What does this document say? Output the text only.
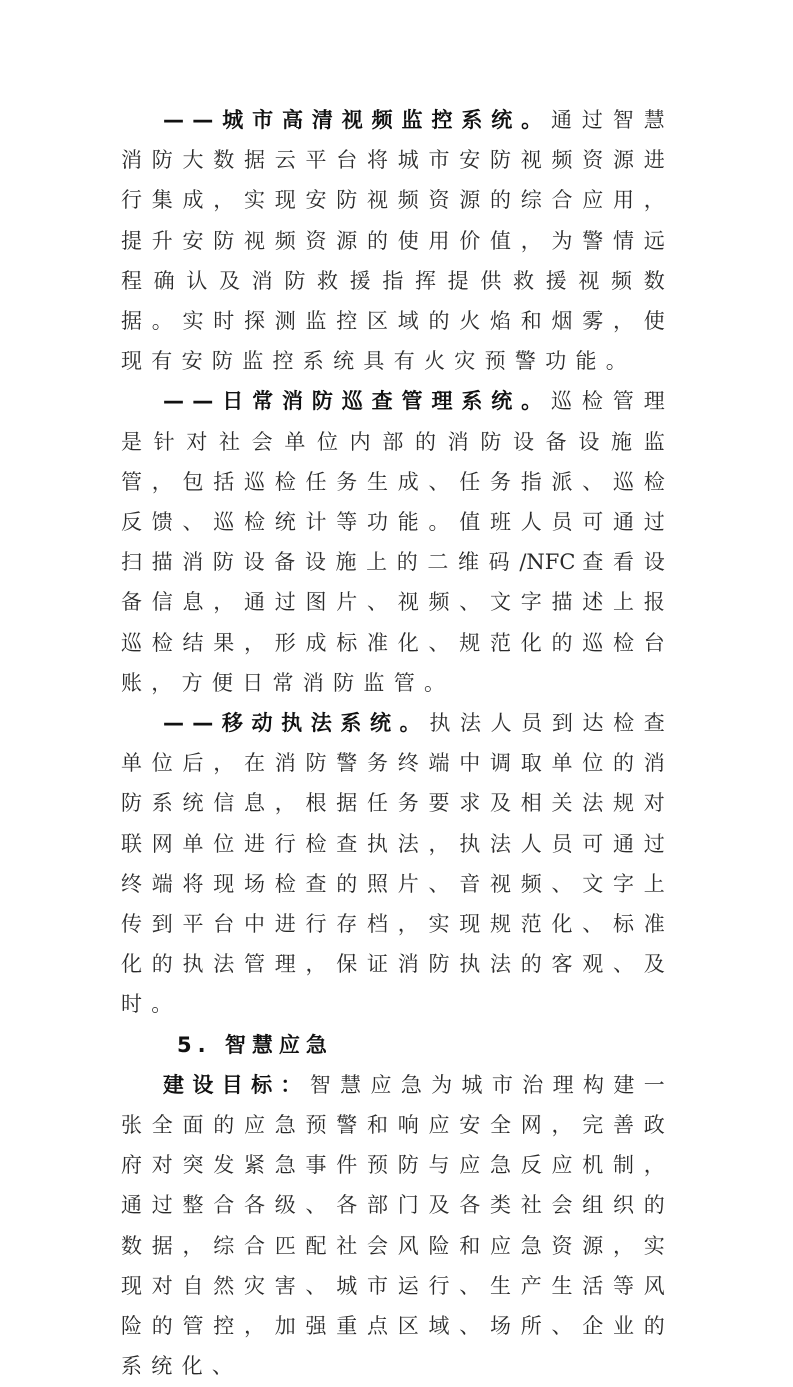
——城市高清视频监控系统。通过智慧消防大数据云平台将城市安防视频资源进行集成，实现安防视频资源的综合应用，提升安防视频资源的使用价值，为警情远程确认及消防救援指挥提供救援视频数据。实时探测监控区域的火焰和烟雾，使现有安防监控系统具有火灾预警功能。

——日常消防巡查管理系统。巡检管理是针对社会单位内部的消防设备设施监管，包括巡检任务生成、任务指派、巡检反馈、巡检统计等功能。值班人员可通过扫描消防设备设施上的二维码/NFC 查看设备信息，通过图片、视频、文字描述上报巡检结果，形成标准化、规范化的巡检台账，方便日常消防监管。

——移动执法系统。执法人员到达检查单位后，在消防警务终端中调取单位的消防系统信息，根据任务要求及相关法规对联网单位进行检查执法，执法人员可通过终端将现场检查的照片、音视频、文字上传到平台中进行存档，实现规范化、标准化的执法管理，保证消防执法的客观、及时。

5. 智慧应急

建设目标：智慧应急为城市治理构建一张全面的应急预警和响应安全网，完善政府对突发紧急事件预防与应急反应机制，通过整合各级、各部门及各类社会组织的数据，综合匹配社会风险和应急资源，实现对自然灾害、城市运行、生产生活等风险的管控，加强重点区域、场所、企业的系统化、
